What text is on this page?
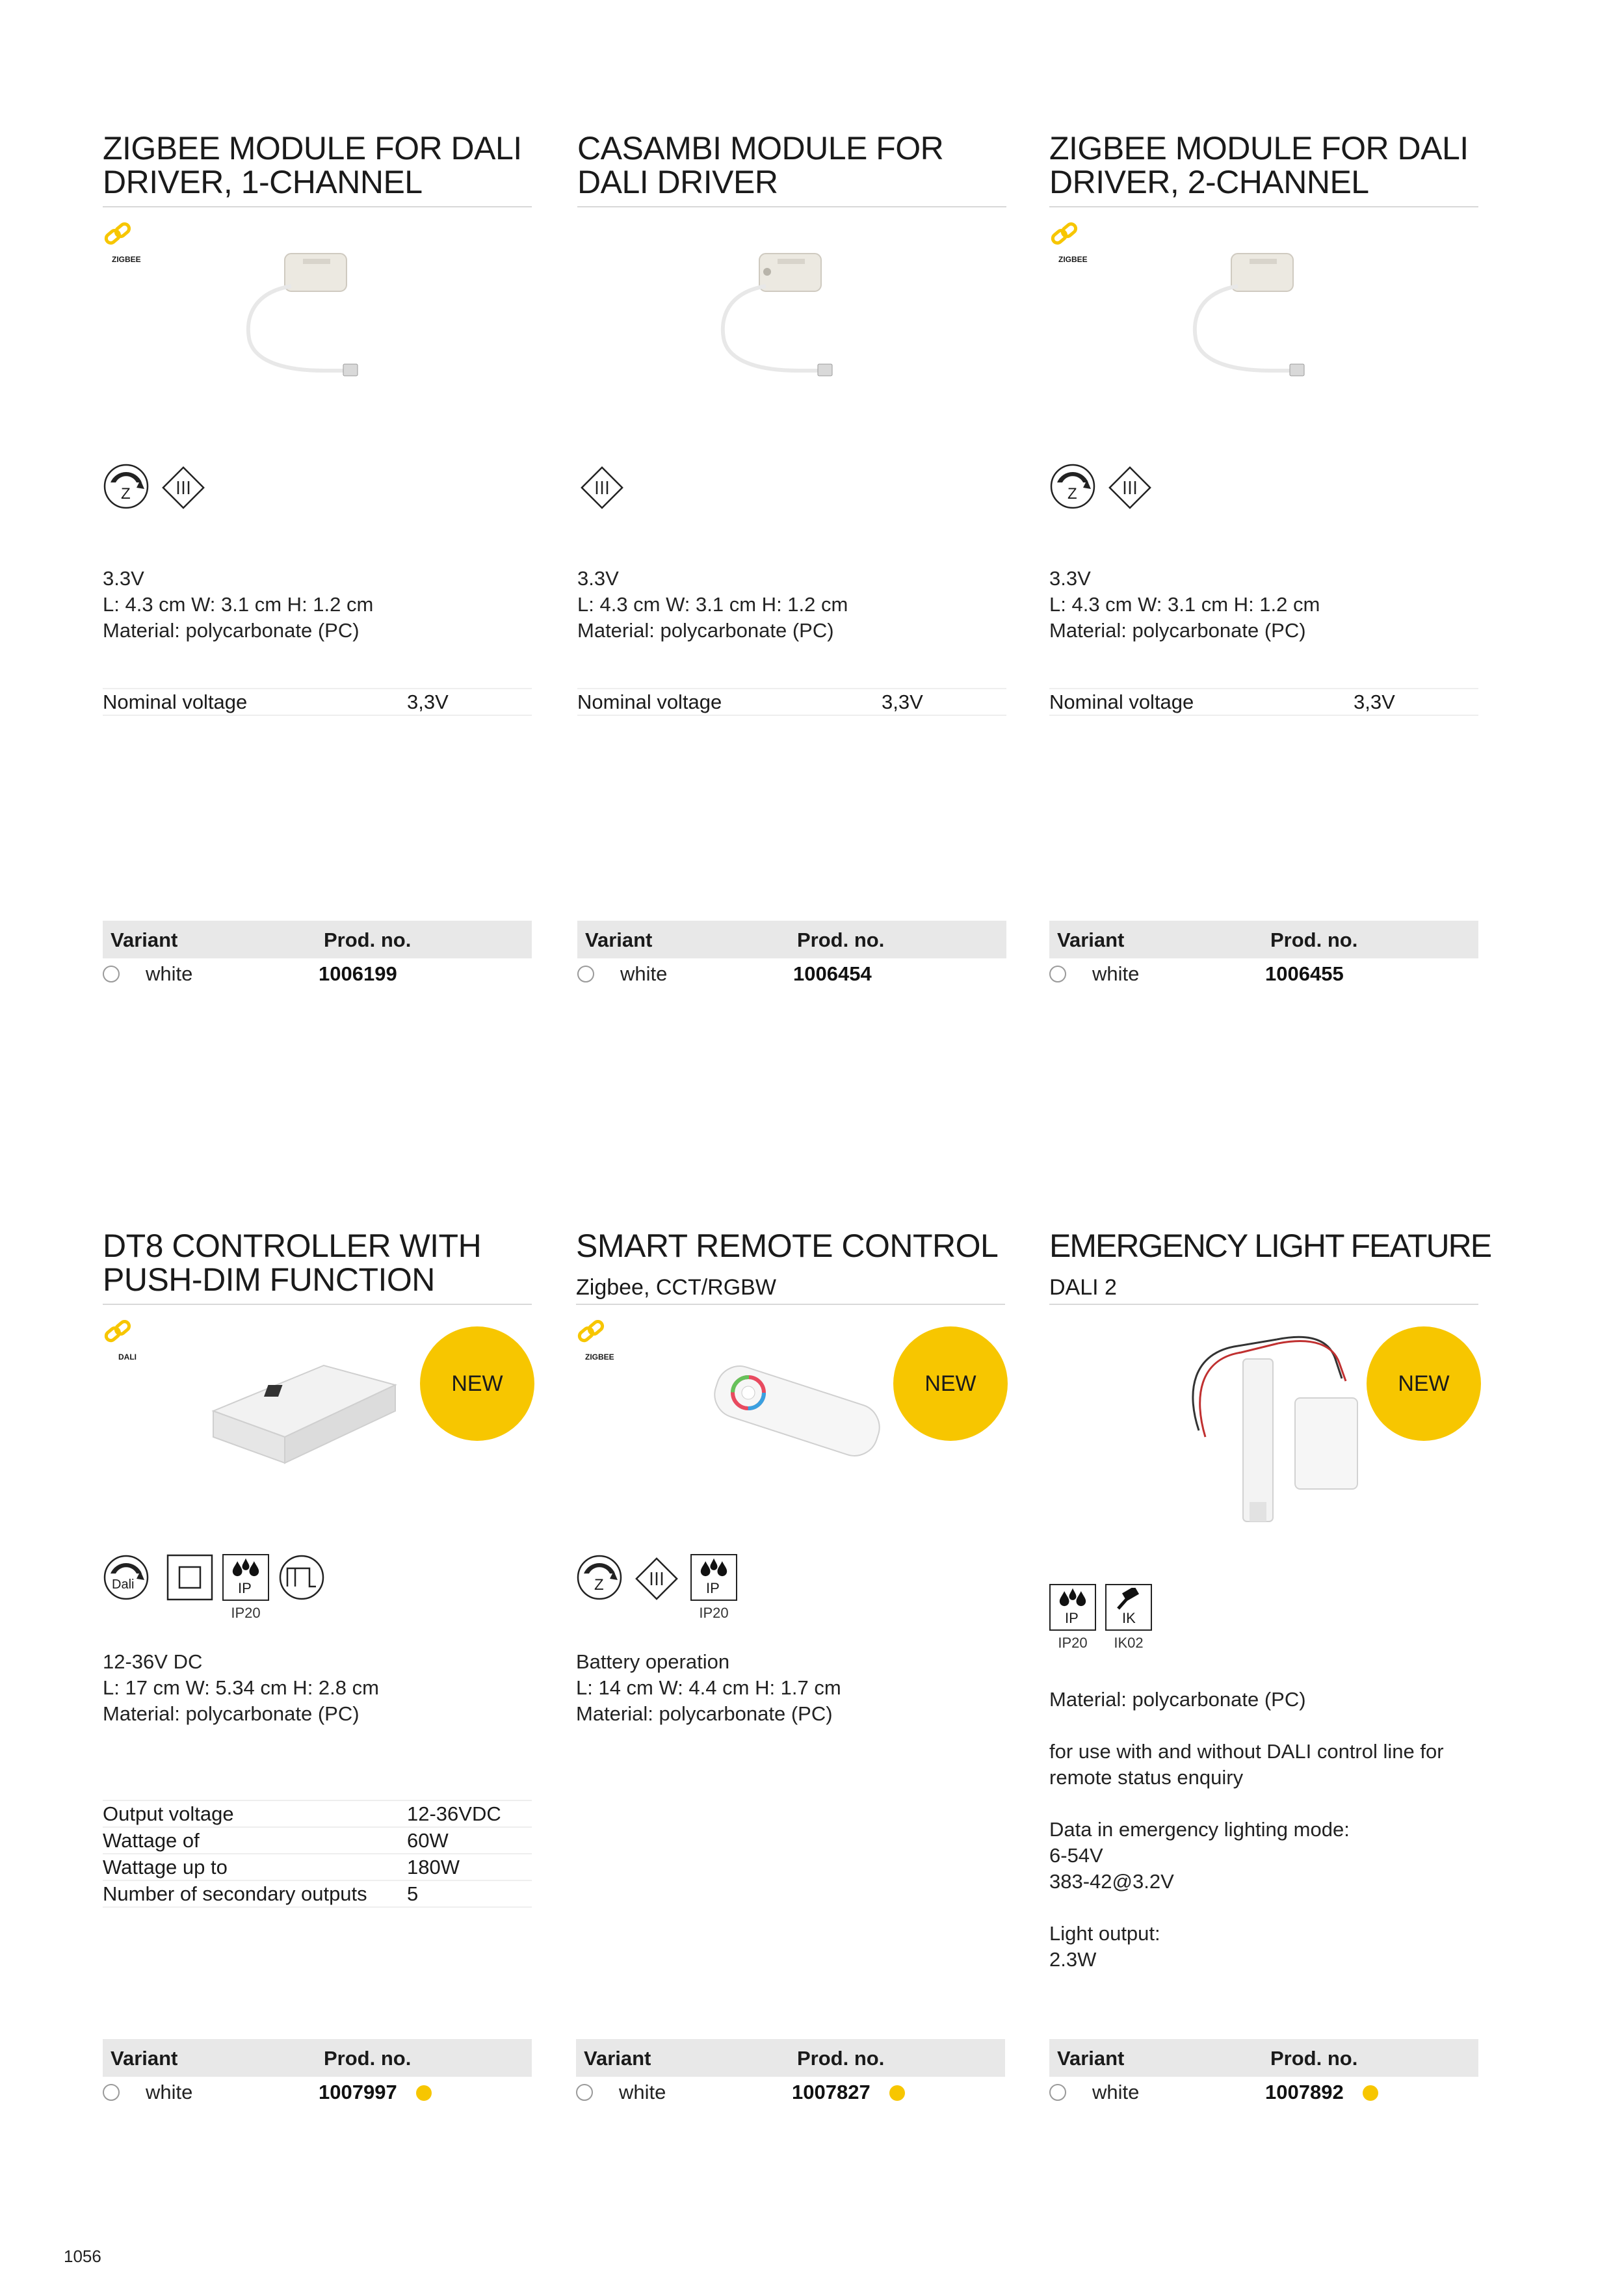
ZIGBEE MODULE FOR DALI DRIVER, 1-CHANNEL
ZIGBEE
Z

3.3V

L: 4.3 cm W: 3.1 cm H: 1.2 cm

Material: polycarbonate (PC)

Nominal voltage	3,3V
Variant	Prod. no.
white	1006199
CASAMBI MODULE FOR DALI DRIVER

3.3V

L: 4.3 cm W: 3.1 cm H: 1.2 cm

Material: polycarbonate (PC)

Nominal voltage	3,3V
Variant	Prod. no.
white	1006454
ZIGBEE MODULE FOR DALI DRIVER, 2-CHANNEL
ZIGBEE
Z

3.3V

L: 4.3 cm W: 3.1 cm H: 1.2 cm

Material: polycarbonate (PC)

Nominal voltage	3,3V
Variant	Prod. no.
white	1006455
DT8 CONTROLLER WITH PUSH-DIM FUNCTION
DALI
NEW
Dali	IP
IP20

12-36V DC

L: 17 cm W: 5.34 cm H: 2.8 cm

Material: polycarbonate (PC)

Output voltage	12-36VDC
Wattage of	60W
Wattage up to	180W
Number of secondary outputs	5
Variant	Prod. no.
white	1007997
SMART REMOTE CONTROL
Zigbee, CCT/RGBW
ZIGBEE
NEW
Z	IP
IP20

Battery operation

L: 14 cm W: 4.4 cm H: 1.7 cm

Material: polycarbonate (PC)

Variant	Prod. no.
white	1007827
EMERGENCY LIGHT FEATURE
DALI 2
NEW
IP
IP20
IK
IK02

Material: polycarbonate (PC)

for use with and without DALI control line for

remote status enquiry

Data in emergency lighting mode:

6-54V

383-42@3.2V

Light output:

2.3W

Variant	Prod. no.
white	1007892
1056
